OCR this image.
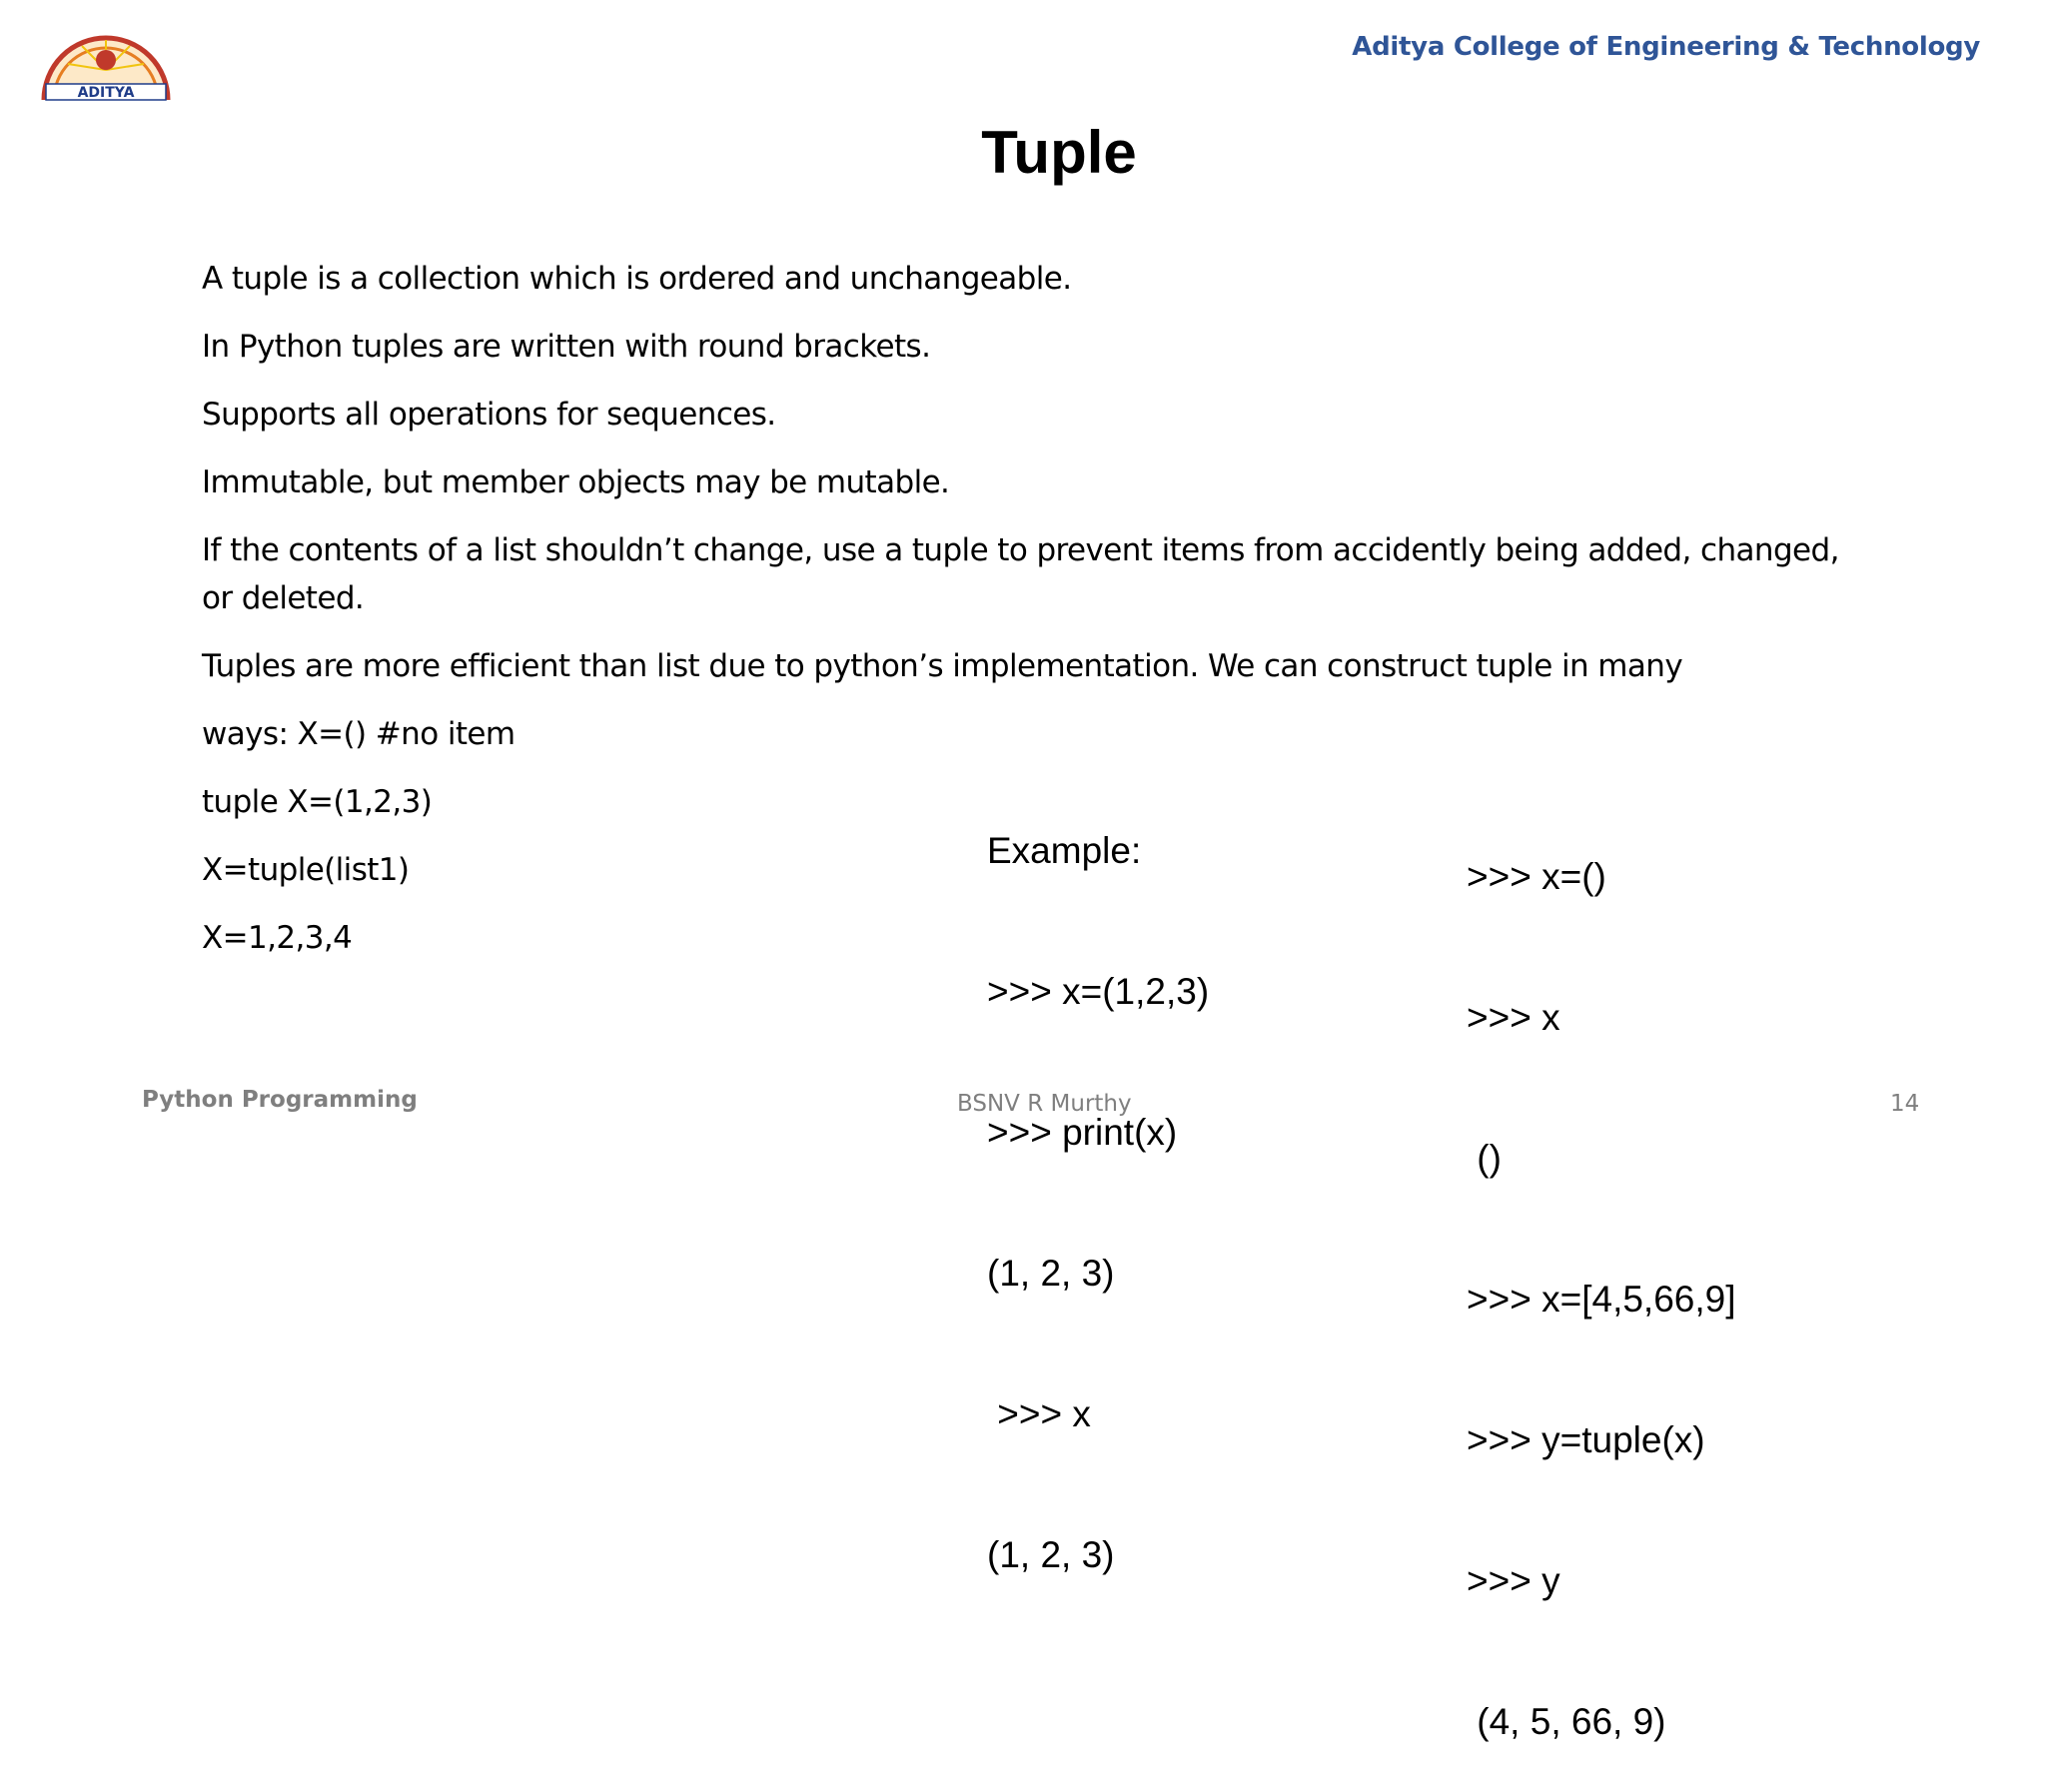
ADITYA
Aditya College of Engineering & Technology
Tuple
A tuple is a collection which is ordered and unchangeable.
In Python tuples are written with round brackets.
Supports all operations for sequences.
Immutable, but member objects may be mutable.
If the contents of a list shouldn’t change, use a tuple to prevent items from accidently being added, changed,
or deleted.
Tuples are more efficient than list due to python’s implementation. We can construct tuple in many
ways: X=() #no item
tuple X=(1,2,3)
X=tuple(list1)
X=1,2,3,4

Example:

>>> x=(1,2,3)

>>> print(x)

(1, 2, 3)

>>> x

(1, 2, 3)

>>> x=()

>>> x

()

>>> x=[4,5,66,9]

>>> y=tuple(x)

>>> y

(4, 5, 66, 9)

Python Programming	BSNV R Murthy	14
